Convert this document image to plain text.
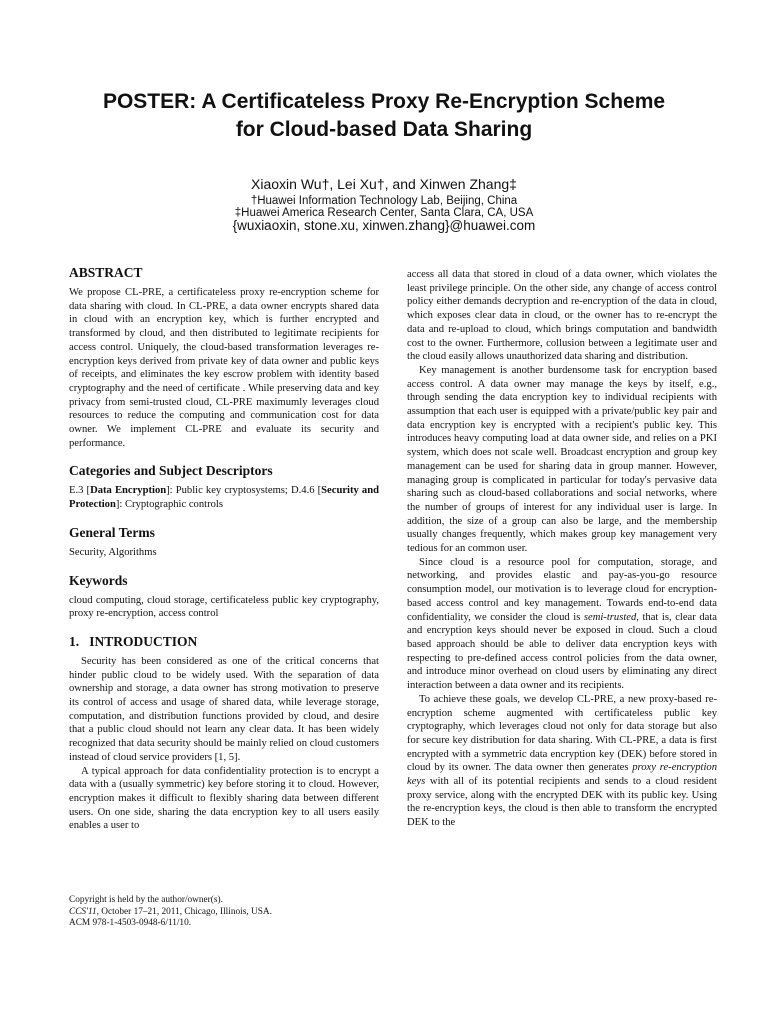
POSTER: A Certificateless Proxy Re-Encryption Scheme
for Cloud-based Data Sharing
Xiaoxin Wu†, Lei Xu†, and Xinwen Zhang‡
†Huawei Information Technology Lab, Beijing, China
‡Huawei America Research Center, Santa Clara, CA, USA
{wuxiaoxin, stone.xu, xinwen.zhang}@huawei.com
ABSTRACT

We propose CL-PRE, a certificateless proxy re-encryption scheme for data sharing with cloud. In CL-PRE, a data owner encrypts shared data in cloud with an encryption key, which is further encrypted and transformed by cloud, and then distributed to legitimate recipients for access control. Uniquely, the cloud-based transformation leverages re-encryption keys derived from private key of data owner and public keys of receipts, and eliminates the key escrow problem with identity based cryptography and the need of certificate . While preserving data and key privacy from semi-trusted cloud, CL-PRE maximumly leverages cloud resources to reduce the computing and communication cost for data owner. We implement CL-PRE and evaluate its security and performance.

Categories and Subject Descriptors

E.3 [Data Encryption]: Public key cryptosystems; D.4.6 [Security and Protection]: Cryptographic controls

General Terms

Security, Algorithms

Keywords

cloud computing, cloud storage, certificateless public key cryptography, proxy re-encryption, access control

1.   INTRODUCTION

Security has been considered as one of the critical concerns that hinder public cloud to be widely used. With the separation of data ownership and storage, a data owner has strong motivation to preserve its control of access and usage of shared data, while leverage storage, computation, and distribution functions provided by cloud, and desire that a public cloud should not learn any clear data. It has been widely recognized that data security should be mainly relied on cloud customers instead of cloud service providers [1, 5].

A typical approach for data confidentiality protection is to encrypt a data with a (usually symmetric) key before storing it to cloud. However, encryption makes it difficult to flexibly sharing data between different users. On one side, sharing the data encryption key to all users easily enables a user to

access all data that stored in cloud of a data owner, which violates the least privilege principle. On the other side, any change of access control policy either demands decryption and re-encryption of the data in cloud, which exposes clear data in cloud, or the owner has to re-encrypt the data and re-upload to cloud, which brings computation and bandwidth cost to the owner. Furthermore, collusion between a legitimate user and the cloud easily allows unauthorized data sharing and distribution.

Key management is another burdensome task for encryption based access control. A data owner may manage the keys by itself, e.g., through sending the data encryption key to individual recipients with assumption that each user is equipped with a private/public key pair and data encryption key is encrypted with a recipient's public key. This introduces heavy computing load at data owner side, and relies on a PKI system, which does not scale well. Broadcast encryption and group key management can be used for sharing data in group manner. However, managing group is complicated in particular for today's pervasive data sharing such as cloud-based collaborations and social networks, where the number of groups of interest for any individual user is large. In addition, the size of a group can also be large, and the membership usually changes frequently, which makes group key management very tedious for an common user.

Since cloud is a resource pool for computation, storage, and networking, and provides elastic and pay-as-you-go resource consumption model, our motivation is to leverage cloud for encryption-based access control and key management. Towards end-to-end data confidentiality, we consider the cloud is semi-trusted, that is, clear data and encryption keys should never be exposed in cloud. Such a cloud based approach should be able to deliver data encryption keys with respecting to pre-defined access control policies from the data owner, and introduce minor overhead on cloud users by eliminating any direct interaction between a data owner and its recipients.

To achieve these goals, we develop CL-PRE, a new proxy-based re-encryption scheme augmented with certificateless public key cryptography, which leverages cloud not only for data storage but also for secure key distribution for data sharing. With CL-PRE, a data is first encrypted with a symmetric data encryption key (DEK) before stored in cloud by its owner. The data owner then generates proxy re-encryption keys with all of its potential recipients and sends to a cloud resident proxy service, along with the encrypted DEK with its public key. Using the re-encryption keys, the cloud is then able to transform the encrypted DEK to the

Copyright is held by the author/owner(s).
CCS'11, October 17–21, 2011, Chicago, Illinois, USA.
ACM 978-1-4503-0948-6/11/10.
